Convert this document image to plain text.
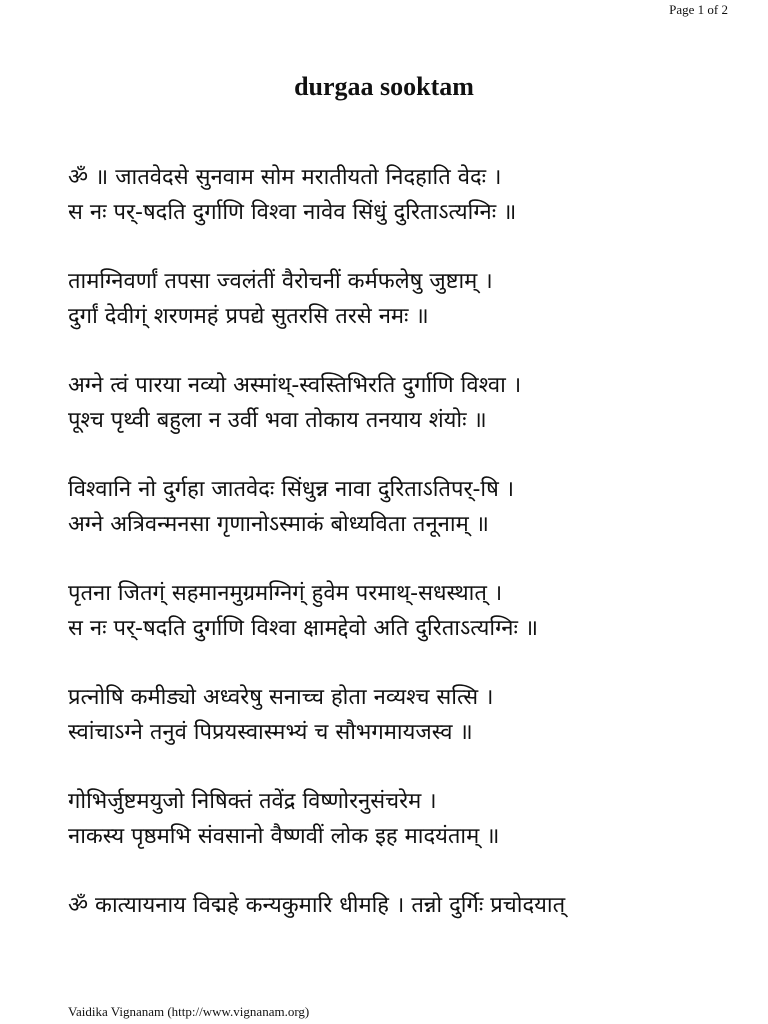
Page 1 of 2
durgaa sooktam
ॐ ॥ जातवेदसे सुनवाम सोम मरातीयतो निदहाति वेदः ।
स नः पर्-षदति दुर्गाणि विश्वा नावेव सिंधुं दुरिताऽत्यग्निः ॥
तामग्निवर्णां तपसा ज्वलंतीं वैरोचनीं कर्मफलेषु जुष्टाम् ।
दुर्गां देवीग्ं शरणमहं प्रपद्ये सुतरसि तरसे नमः ॥
अग्ने त्वं पारया नव्यो अस्मांथ्-स्वस्तिभिरति दुर्गाणि विश्वा ।
पूश्च पृथ्वी बहुला न उर्वी भवा तोकाय तनयाय शंयोः ॥
विश्वानि नो दुर्गहा जातवेदः सिंधुन्न नावा दुरिताऽतिपर्-षि ।
अग्ने अत्रिवन्मनसा गृणानोऽस्माकं बोध्यविता तनूनाम् ॥
पृतना जितग्ं सहमानमुग्रमग्निग्ं हुवेम परमाथ्-सधस्थात् ।
स नः पर्-षदति दुर्गाणि विश्वा क्षामद्देवो अति दुरिताऽत्यग्निः ॥
प्रत्नोषि कमीड्यो अध्वरेषु सनाच्च होता नव्यश्च सत्सि ।
स्वांचाऽग्ने तनुवं पिप्रयस्वास्मभ्यं च सौभगमायजस्व ॥
गोभिर्जुष्टमयुजो निषिक्तं तवेंद्र विष्णोरनुसंचरेम ।
नाकस्य पृष्ठमभि संवसानो वैष्णवीं लोक इह मादयंताम् ॥
ॐ कात्यायनाय विद्महे कन्यकुमारि धीमहि । तन्नो दुर्गिः प्रचोदयात्
Vaidika Vignanam (http://www.vignanam.org)
